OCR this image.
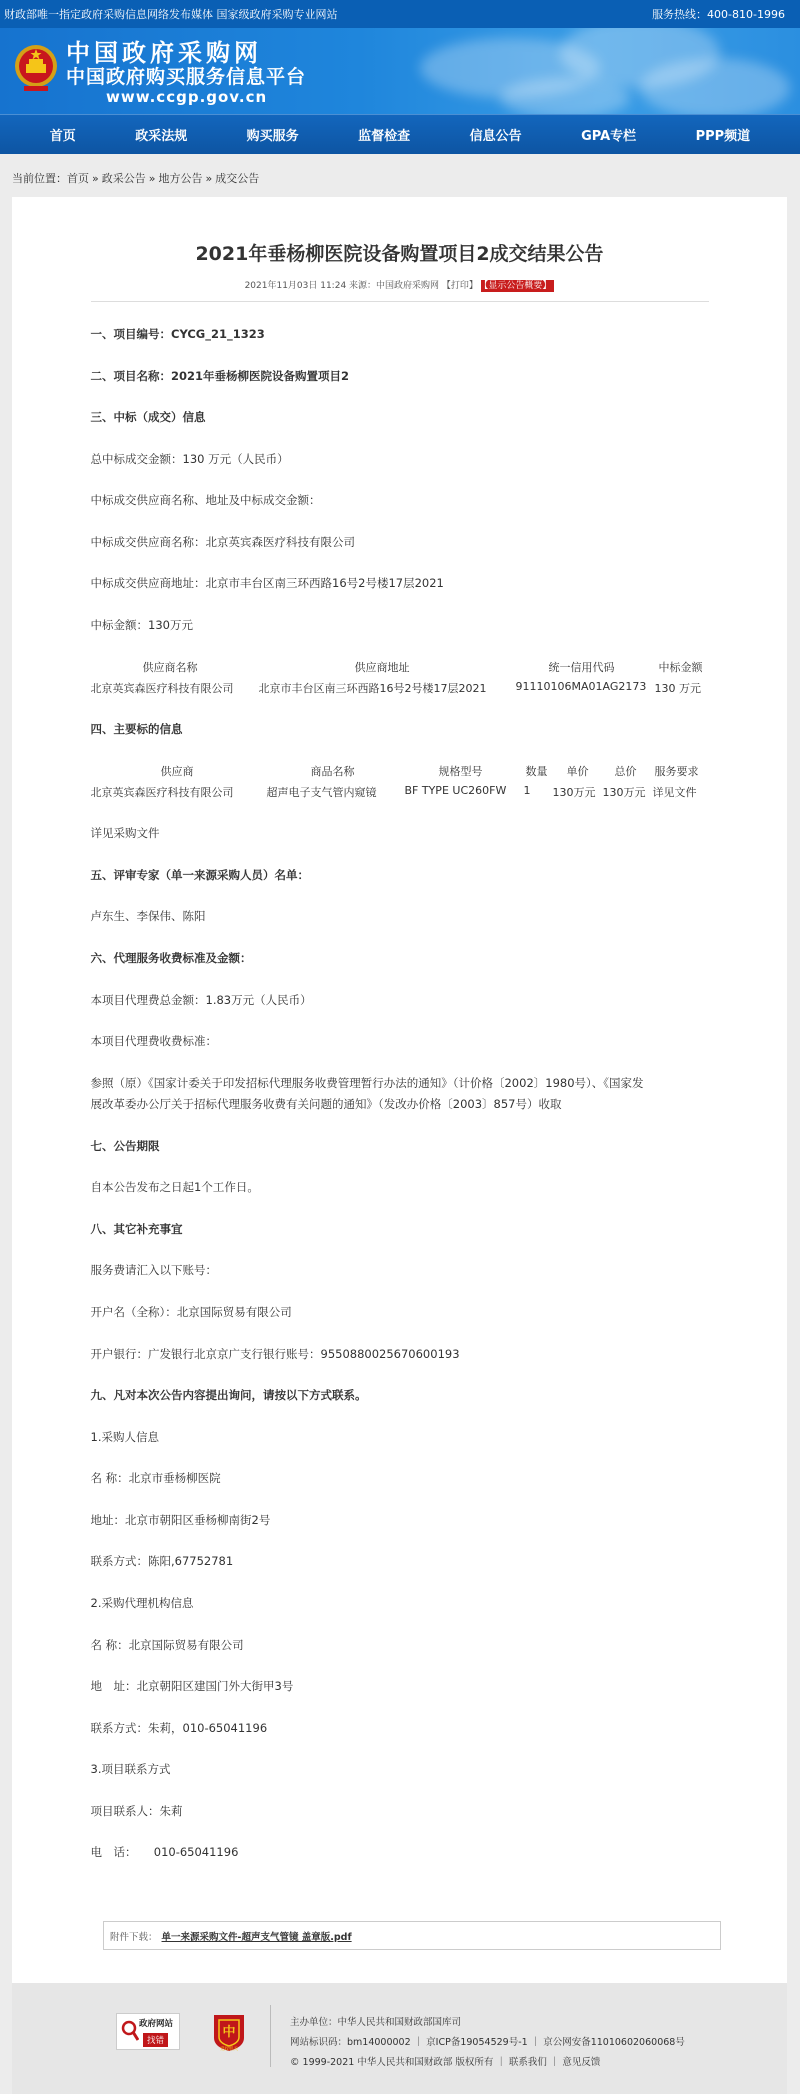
财政部唯一指定政府采购信息网络发布媒体 国家级政府采购专业网站	服务热线：400-810-1996
中国政府采购网
中国政府购买服务信息平台
www.ccgp.gov.cn
首页	政采法规	购买服务	监督检查	信息公告	GPA专栏	PPP频道
当前位置： 首页 » 政采公告 » 地方公告 » 成交公告
2021年垂杨柳医院设备购置项目2成交结果公告
2021年11月03日 11:24 来源：中国政府采购网 【打印】 【显示公告概要】
一、项目编号：CYCG_21_1323
二、项目名称：2021年垂杨柳医院设备购置项目2
三、中标（成交）信息
总中标成交金额：130 万元（人民币）
中标成交供应商名称、地址及中标成交金额：
中标成交供应商名称：北京英宾森医疗科技有限公司
中标成交供应商地址：北京市丰台区南三环西路16号2号楼17层2021
中标金额：130万元
供应商名称	供应商地址	统一信用代码	中标金额
北京英宾森医疗科技有限公司 北京市丰台区南三环西路16号2号楼17层2021	91110106MA01AG2173 130 万元
四、主要标的信息
供应商	商品名称	规格型号	数量 单价 总价 服务要求
北京英宾森医疗科技有限公司	超声电子支气管内窥镜	BF TYPE UC260FW 1 130万元 130万元 详见文件
详见采购文件
五、评审专家（单一来源采购人员）名单：
卢东生、李保伟、陈阳
六、代理服务收费标准及金额：
本项目代理费总金额：1.83万元（人民币）
本项目代理费收费标准：
参照（原）《国家计委关于印发招标代理服务收费管理暂行办法的通知》（计价格〔2002〕1980号）、《国家发
展改革委办公厅关于招标代理服务收费有关问题的通知》（发改办价格〔2003〕857号）收取
七、公告期限
自本公告发布之日起1个工作日。
八、其它补充事宜
服务费请汇入以下账号：
开户名（全称）：北京国际贸易有限公司
开户银行：广发银行北京京广支行银行账号：9550880025670600193
九、凡对本次公告内容提出询问，请按以下方式联系。
1.采购人信息
名 称：北京市垂杨柳医院
地址：北京市朝阳区垂杨柳南街2号
联系方式：陈阳,67752781
2.采购代理机构信息
名 称：北京国际贸易有限公司
地　址：北京朝阳区建国门外大街甲3号
联系方式：朱莉，010-65041196
3.项目联系方式
项目联系人：朱莉
电　话：　　010-65041196
附件下载： 单一来源采购文件-超声支气管镜 盖章版.pdf
政府网站
找错
中
党政机关
主办单位：中华人民共和国财政部国库司
网站标识码：bm14000002 ｜ 京ICP备19054529号-1 ｜ 京公网安备11010602060068号
© 1999-2021 中华人民共和国财政部 版权所有 ｜ 联系我们 ｜ 意见反馈
